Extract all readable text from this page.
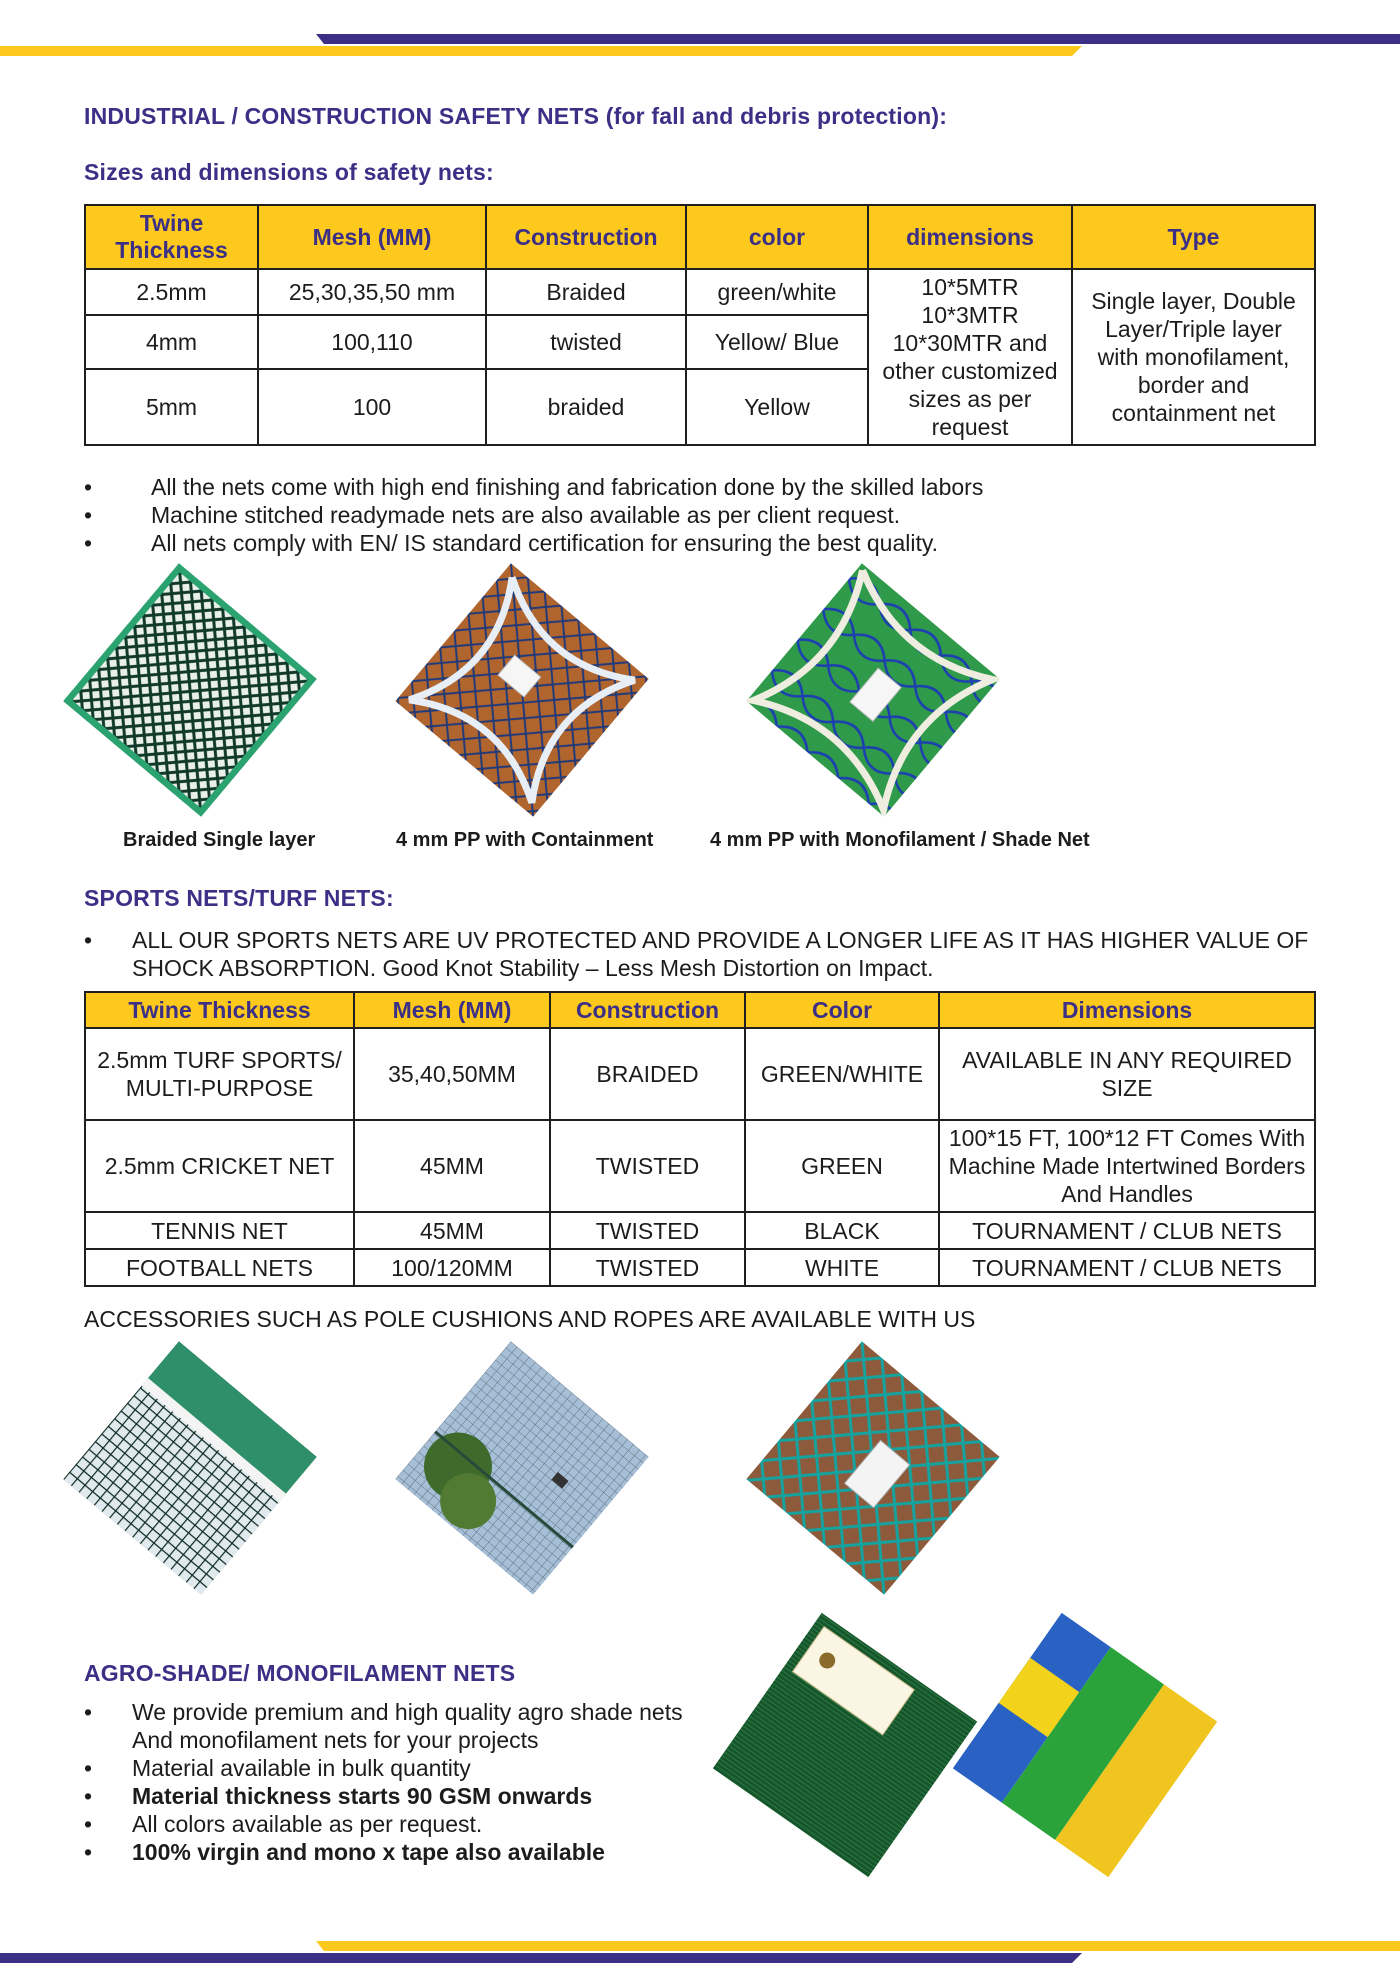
INDUSTRIAL / CONSTRUCTION SAFETY NETS (for fall and debris protection):
Sizes and dimensions of safety nets:
Twine Thickness	Mesh (MM)	Construction	color	dimensions	Type
2.5mm	25,30,35,50 mm	Braided	green/white	10*5MTR 10*3MTR 10*30MTR and other customized sizes as per request	Single layer, Double Layer/Triple layer with monofilament, border and containment net
4mm	100,110	twisted	Yellow/ Blue		
5mm	100	braided	Yellow		
•	All the nets come with high end finishing and fabrication done by the skilled labors
•	Machine stitched readymade nets are also available as per client request.
•	All nets comply with EN/ IS standard certification for ensuring the best quality.
Braided Single layer	4 mm PP with Containment	4 mm PP with Monofilament / Shade Net
SPORTS NETS/TURF NETS:
• ALL OUR SPORTS NETS ARE UV PROTECTED AND PROVIDE A LONGER LIFE AS IT HAS HIGHER VALUE OF SHOCK ABSORPTION. Good Knot Stability – Less Mesh Distortion on Impact.
Twine Thickness	Mesh (MM)	Construction	Color	Dimensions
2.5mm TURF SPORTS/ MULTI-PURPOSE	35,40,50MM	BRAIDED	GREEN/WHITE	AVAILABLE IN ANY REQUIRED SIZE
2.5mm CRICKET NET	45MM	TWISTED	GREEN	100*15 FT, 100*12 FT Comes With Machine Made Intertwined Borders And Handles
TENNIS NET	45MM	TWISTED	BLACK	TOURNAMENT / CLUB NETS
FOOTBALL NETS	100/120MM	TWISTED	WHITE	TOURNAMENT / CLUB NETS
ACCESSORIES SUCH AS POLE CUSHIONS AND ROPES ARE AVAILABLE WITH US
AGRO-SHADE/ MONOFILAMENT NETS
• We provide premium and high quality agro shade nets And monofilament nets for your projects
• Material available in bulk quantity
• Material thickness starts 90 GSM onwards
• All colors available as per request.
• 100% virgin and mono x tape also available
